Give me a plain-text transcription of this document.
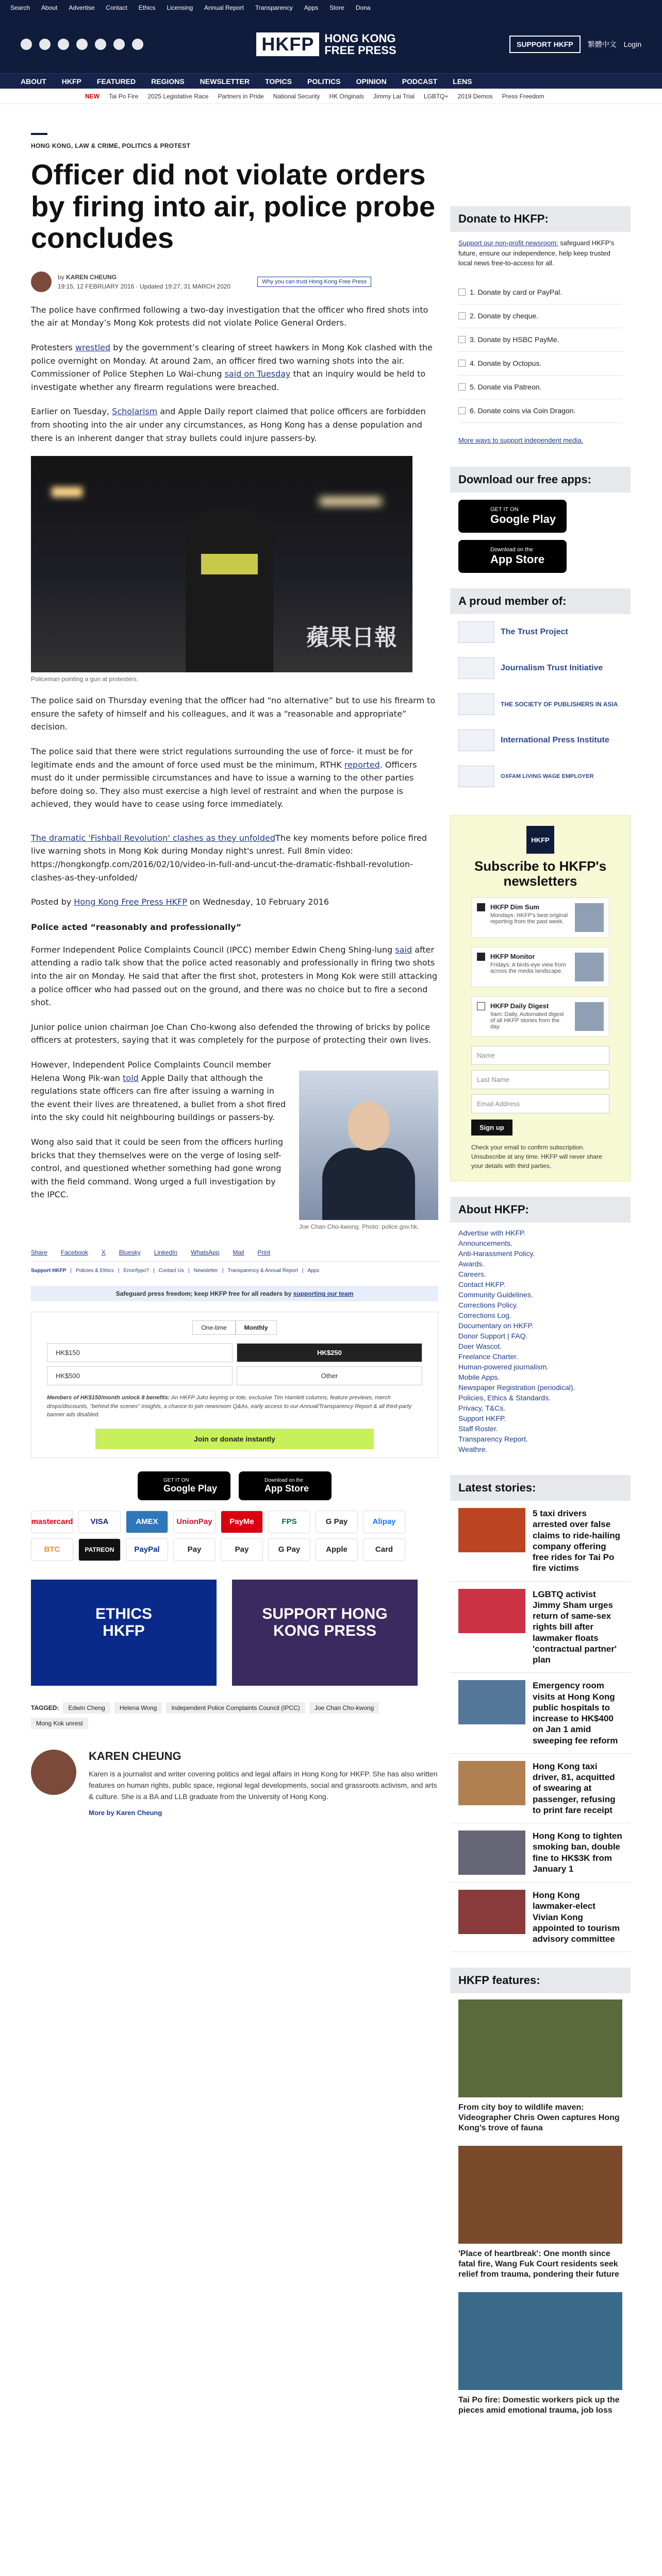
Search About Advertise Contact Ethics Licensing Annual Report Transparency Apps Store Dona
HKFP HONG KONG
FREE PRESS	SUPPORT HKFP	繁體中文 Login
ABOUT HKFP FEATURED REGIONS NEWSLETTER TOPICS POLITICS OPINION PODCAST LENS
NEW Tai Po Fire 2025 Legislative Race Partners in Pride National Security HK Originals Jimmy Lai Trial LGBTQ+ 2019 Demos Press Freedom
HONG KONG, LAW & CRIME, POLITICS & PROTEST
Officer did not violate orders by firing into air, police probe concludes
by KAREN CHEUNG
19:15, 12 FEBRUARY 2016 · Updated 19:27, 31 MARCH 2020
Why you can trust Hong Kong Free Press

The police have confirmed following a two-day investigation that the officer who fired shots into the air at Monday’s Mong Kok protests did not violate Police General Orders.

Protesters wrestled by the government’s clearing of street hawkers in Mong Kok clashed with the police overnight on Monday. At around 2am, an officer fired two warning shots into the air. Commissioner of Police Stephen Lo Wai-chung said on Tuesday that an inquiry would be held to investigate whether any firearm regulations were breached.

Earlier on Tuesday, Scholarism and Apple Daily report claimed that police officers are forbidden from shooting into the air under any circumstances, as Hong Kong has a dense population and there is an inherent danger that stray bullets could injure passers-by.

蘋果日報
Policeman pointing a gun at protesters.

The police said on Thursday evening that the officer had “no alternative” but to use his firearm to ensure the safety of himself and his colleagues, and it was a “reasonable and appropriate” decision.

The police said that there were strict regulations surrounding the use of force- it must be for legitimate ends and the amount of force used must be the minimum, RTHK reported. Officers must do it under permissible circumstances and have to issue a warning to the other parties before doing so. They also must exercise a high level of restraint and when the purpose is achieved, they would have to cease using force immediately.

The dramatic 'Fishball Revolution' clashes as they unfoldedThe key moments before police fired live warning shots in Mong Kok during Monday night's unrest. Full 8min video: https://hongkongfp.com/2016/02/10/video-in-full-and-uncut-the-dramatic-fishball-revolution-clashes-as-they-unfolded/

Posted by Hong Kong Free Press HKFP on Wednesday, 10 February 2016

Police acted “reasonably and professionally”

Former Independent Police Complaints Council (IPCC) member Edwin Cheng Shing-lung said after attending a radio talk show that the police acted reasonably and professionally in firing two shots into the air on Monday. He said that after the first shot, protesters in Mong Kok were still attacking a police officer who had passed out on the ground, and there was no choice but to fire a second shot.

Junior police union chairman Joe Chan Cho-kwong also defended the throwing of bricks by police officers at protesters, saying that it was completely for the purpose of protecting their own lives.

Joe Chan Cho-kwong. Photo: police.gov.hk.

However, Independent Police Complaints Council member Helena Wong Pik-wan told Apple Daily that although the regulations state officers can fire after issuing a warning in the event their lives are threatened, a bullet from a shot fired into the sky could hit neighbouring buildings or passers-by.

Wong also said that it could be seen from the officers hurling bricks that they themselves were on the verge of losing self-control, and questioned whether something had gone wrong with the field command. Wong urged a full investigation by the IPCC.

Share Facebook X Bluesky LinkedIn WhatsApp Mail Print
Support HKFP | Policies & Ethics | Error/typo? | Contact Us | Newsletter | Transparency & Annual Report | Apps
Safeguard press freedom; keep HKFP free for all readers by supporting our team
One-time	Monthly
HK$150	HK$250
HK$500	Other
Members of HK$150/month unlock 8 benefits: An HKFP Juko keyring or tote, exclusive Tim Hamlett columns, feature previews, merch drops/discounts, "behind the scenes" insights, a chance to join newsroom Q&As, early access to our Annual/Transparency Report & all third-party banner ads disabled.
Join or donate instantly
GET IT ON
Google Play
Download on the
App Store
mastercard	VISA	AMEX	UnionPay	PayMe	FPS	G Pay	Alipay
BTC	PATREON	PayPal	Pay	Pay	G Pay	Apple	Card
ETHICS
HKFP
SUPPORT HONG
KONG PRESS
TAGGED:	Edwin Cheng	Helena Wong	Independent Police Complaints Council (IPCC)	Joe Chan Cho-kwong
Mong Kok unrest
KAREN CHEUNG

Karen is a journalist and writer covering politics and legal affairs in Hong Kong for HKFP. She has also written features on human rights, public space, regional legal developments, social and grassroots activism, and arts & culture. She is a BA and LLB graduate from the University of Hong Kong.

More by Karen Cheung
Donate to HKFP:
Support our non-profit newsroom: safeguard HKFP's future, ensure our independence, help keep trusted local news free-to-access for all.
1. Donate by card or PayPal.
2. Donate by cheque.
3. Donate by HSBC PayMe.
4. Donate by Octopus.
5. Donate via Patreon.
6. Donate coins via Coin Dragon.
More ways to support independent media.
Download our free apps:
GET IT ON
Google Play
Download on the
App Store
A proud member of:
The Trust Project
Journalism Trust Initiative
THE SOCIETY OF PUBLISHERS IN ASIA
International Press Institute
OXFAM LIVING WAGE EMPLOYER
HKFP
Subscribe to HKFP's newsletters
HKFP Dim Sum
Mondays: HKFP's best original reporting from the past week.
HKFP Monitor
Fridays: A birds-eye view from across the media landscape.
HKFP Daily Digest
9am: Daily, Automated digest of all HKFP stories from the day.
Name
Last Name
Email Address
Sign up
Check your email to confirm subscription. Unsubscribe at any time. HKFP will never share your details with third parties.
About HKFP:
Advertise with HKFP.
Announcements.
Anti-Harassment Policy.
Awards.
Careers.
Contact HKFP.
Community Guidelines.
Corrections Policy.
Corrections Log.
Documentary on HKFP.
Donor Support | FAQ.
Doer Wascot.
Freelance Charter.
Human-powered journalism.
Mobile Apps.
Newspaper Registration (periodical).
Policies, Ethics & Standards.
Privacy, T&Cs.
Support HKFP.
Staff Roster.
Transparency Report.
Weathre.
Latest stories:
5 taxi drivers arrested over false claims to ride-hailing company offering free rides for Tai Po fire victims
LGBTQ activist Jimmy Sham urges return of same-sex rights bill after lawmaker floats 'contractual partner' plan
Emergency room visits at Hong Kong public hospitals to increase to HK$400 on Jan 1 amid sweeping fee reform
Hong Kong taxi driver, 81, acquitted of swearing at passenger, refusing to print fare receipt
Hong Kong to tighten smoking ban, double fine to HK$3K from January 1
Hong Kong lawmaker-elect Vivian Kong appointed to tourism advisory committee
HKFP features:
From city boy to wildlife maven: Videographer Chris Owen captures Hong Kong's trove of fauna
'Place of heartbreak': One month since fatal fire, Wang Fuk Court residents seek relief from trauma, pondering their future
Tai Po fire: Domestic workers pick up the pieces amid emotional trauma, job loss
